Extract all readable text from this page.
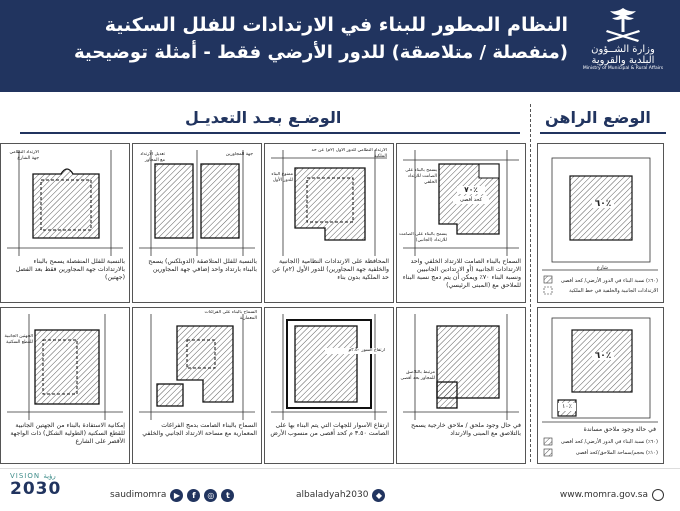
النظام المطور للبناء في الارتدادات للفلل السكنية
(منفصلة / متلاصقة) للدور الأرضي فقط - أمثلة توضيحية	وزارة الشــؤون
البلدية والقروية
Ministry of Municipal & Rural Affairs
الوضع الراهن
الوضـع بعـد التعديـل
٪٦٠
شارع
(٦٠٪) نسبة البناء في الدور الأرضي/ كحد أقصى
الارتدادات الجانبية والخلفية في خط الملكية
٪٦٠
٪١٠
في حالة وجود ملاحق مساندة
(٦٠٪) نسبة البناء في الدور الأرضي/ كحد أقصى
(١٠٪) بحجم/سماحة الملاحق/كحد أقصى
٪٧٠
كحد أقصى
يسمح بالبناء على الصامت للارتداد الخلفي
يسمح بالبناء على الصامت للارتداد (الجانبي)
السماح بالبناء الصامت للارتداد الخلفي واحد الارتدادات الجانبية (أو الارتدادين الجانبيين ونسبة البناء ٧٠٪ ويمكن أن يتم دمج نسبة البناء للملاحق مع (المبنى الرئيسي)
ممنوع البناء للدور الأول
الارتداد النظامي للدور الأول (٢م) عن حد الملكية
المحافظة على الارتدادات النظامية (الجانبية والخلفية جهة المجاورين) للدور الأول (٢م) عن حد الملكية بدون بناء
تعديل الارتداد مع المجاور
جهة المجاورين
بالنسبة للفلل المتلاصقة (الدوبلكس) يسمح بالبناء بارتداد واحد إضافي جهة المجاورين
الارتداد النظامي جهة الشارع
بالنسبة للفلل المنفصلة يسمح بالبناء بالارتدادات جهة المجاورين فقط بعد الفصل (جهتين)
مرتبط بالتلاصق للمجاور بحد أقصى
في حال وجود ملحق / ملاحق خارجية يسمح بالتلاصق مع المبنى والارتداد
ارتفاع السور ٣.٥٠م
ارتفاع الأسوار للجهات التي يتم البناء بها على الصامت ٣.٥٠ م كحد أقصى من منسوب الأرض
السماح بالبناء على الفراغات المعمارية
السماح بالبناء الصامت بدمج الفراغات المعمارية مع مساحة الارتداد الجانبي والخلفي
الجهتين الجانبية للقطع السكنية
إمكانية الاستفادة بالبناء من الجهتين الجانبية للقطع السكنية (الطولية الشكل) ذات الواجهة الأقصر على الشارع
VISION رؤية
2030	saudimomra ▶	f	◎	t	albaladyah2030 ◆	www.momra.gov.sa
